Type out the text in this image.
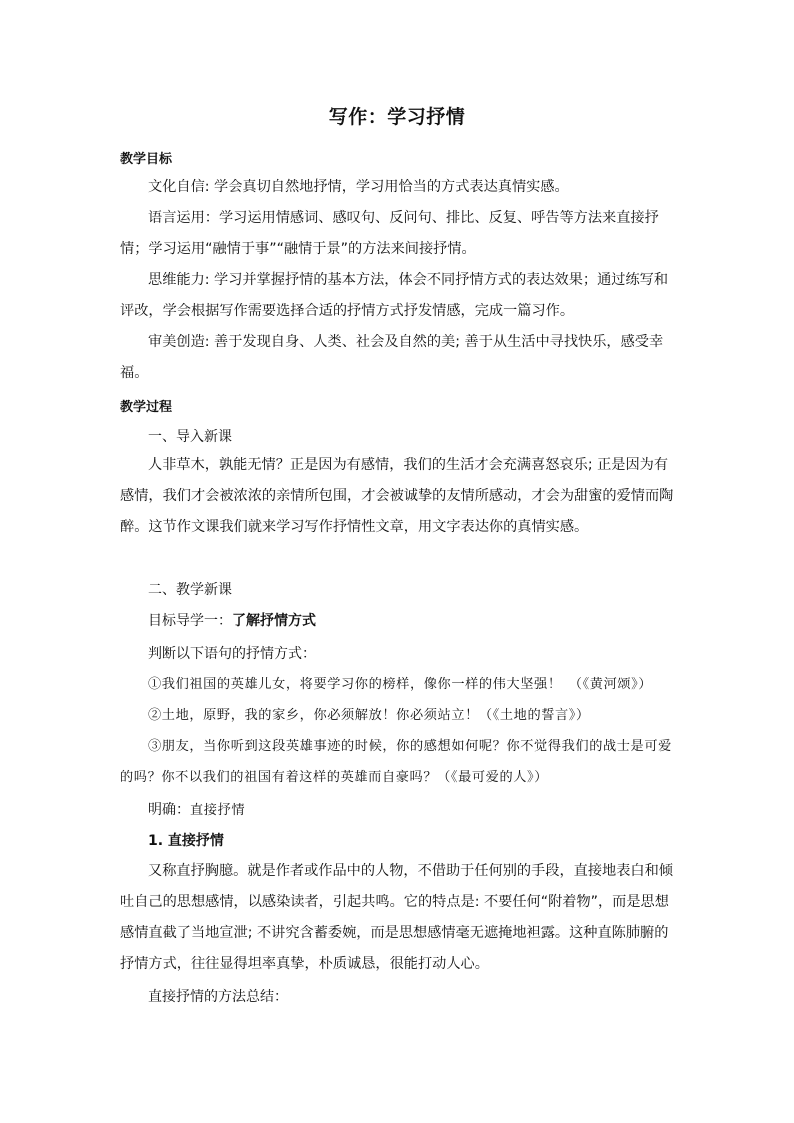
写作：学习抒情
教学目标

文化自信: 学会真切自然地抒情，学习用恰当的方式表达真情实感。

语言运用：学习运用情感词、感叹句、反问句、排比、反复、呼告等方法来直接抒情；学习运用“融情于事”“融情于景”的方法来间接抒情。

思维能力: 学习并掌握抒情的基本方法，体会不同抒情方式的表达效果；通过练写和评改，学会根据写作需要选择合适的抒情方式抒发情感，完成一篇习作。

审美创造: 善于发现自身、人类、社会及自然的美; 善于从生活中寻找快乐，感受幸福。

教学过程
一、导入新课

人非草木，孰能无情？正是因为有感情，我们的生活才会充满喜怒哀乐; 正是因为有感情，我们才会被浓浓的亲情所包围，才会被诚挚的友情所感动，才会为甜蜜的爱情而陶醉。这节作文课我们就来学习写作抒情性文章，用文字表达你的真情实感。

二、教学新课
目标导学一：了解抒情方式
判断以下语句的抒情方式：
①我们祖国的英雄儿女，将要学习你的榜样，像你一样的伟大坚强！　（《黄河颂》）
②土地，原野，我的家乡，你必须解放！你必须站立！（《土地的誓言》）

③朋友，当你听到这段英雄事迹的时候，你的感想如何呢？你不觉得我们的战士是可爱的吗？你不以我们的祖国有着这样的英雄而自豪吗？（《最可爱的人》）

明确：直接抒情
1. 直接抒情

又称直抒胸臆。就是作者或作品中的人物，不借助于任何别的手段，直接地表白和倾吐自己的思想感情，以感染读者，引起共鸣。它的特点是: 不要任何“附着物”，而是思想感情直截了当地宣泄; 不讲究含蓄委婉，而是思想感情毫无遮掩地袒露。这种直陈肺腑的抒情方式，往往显得坦率真挚，朴质诚恳，很能打动人心。

直接抒情的方法总结：
